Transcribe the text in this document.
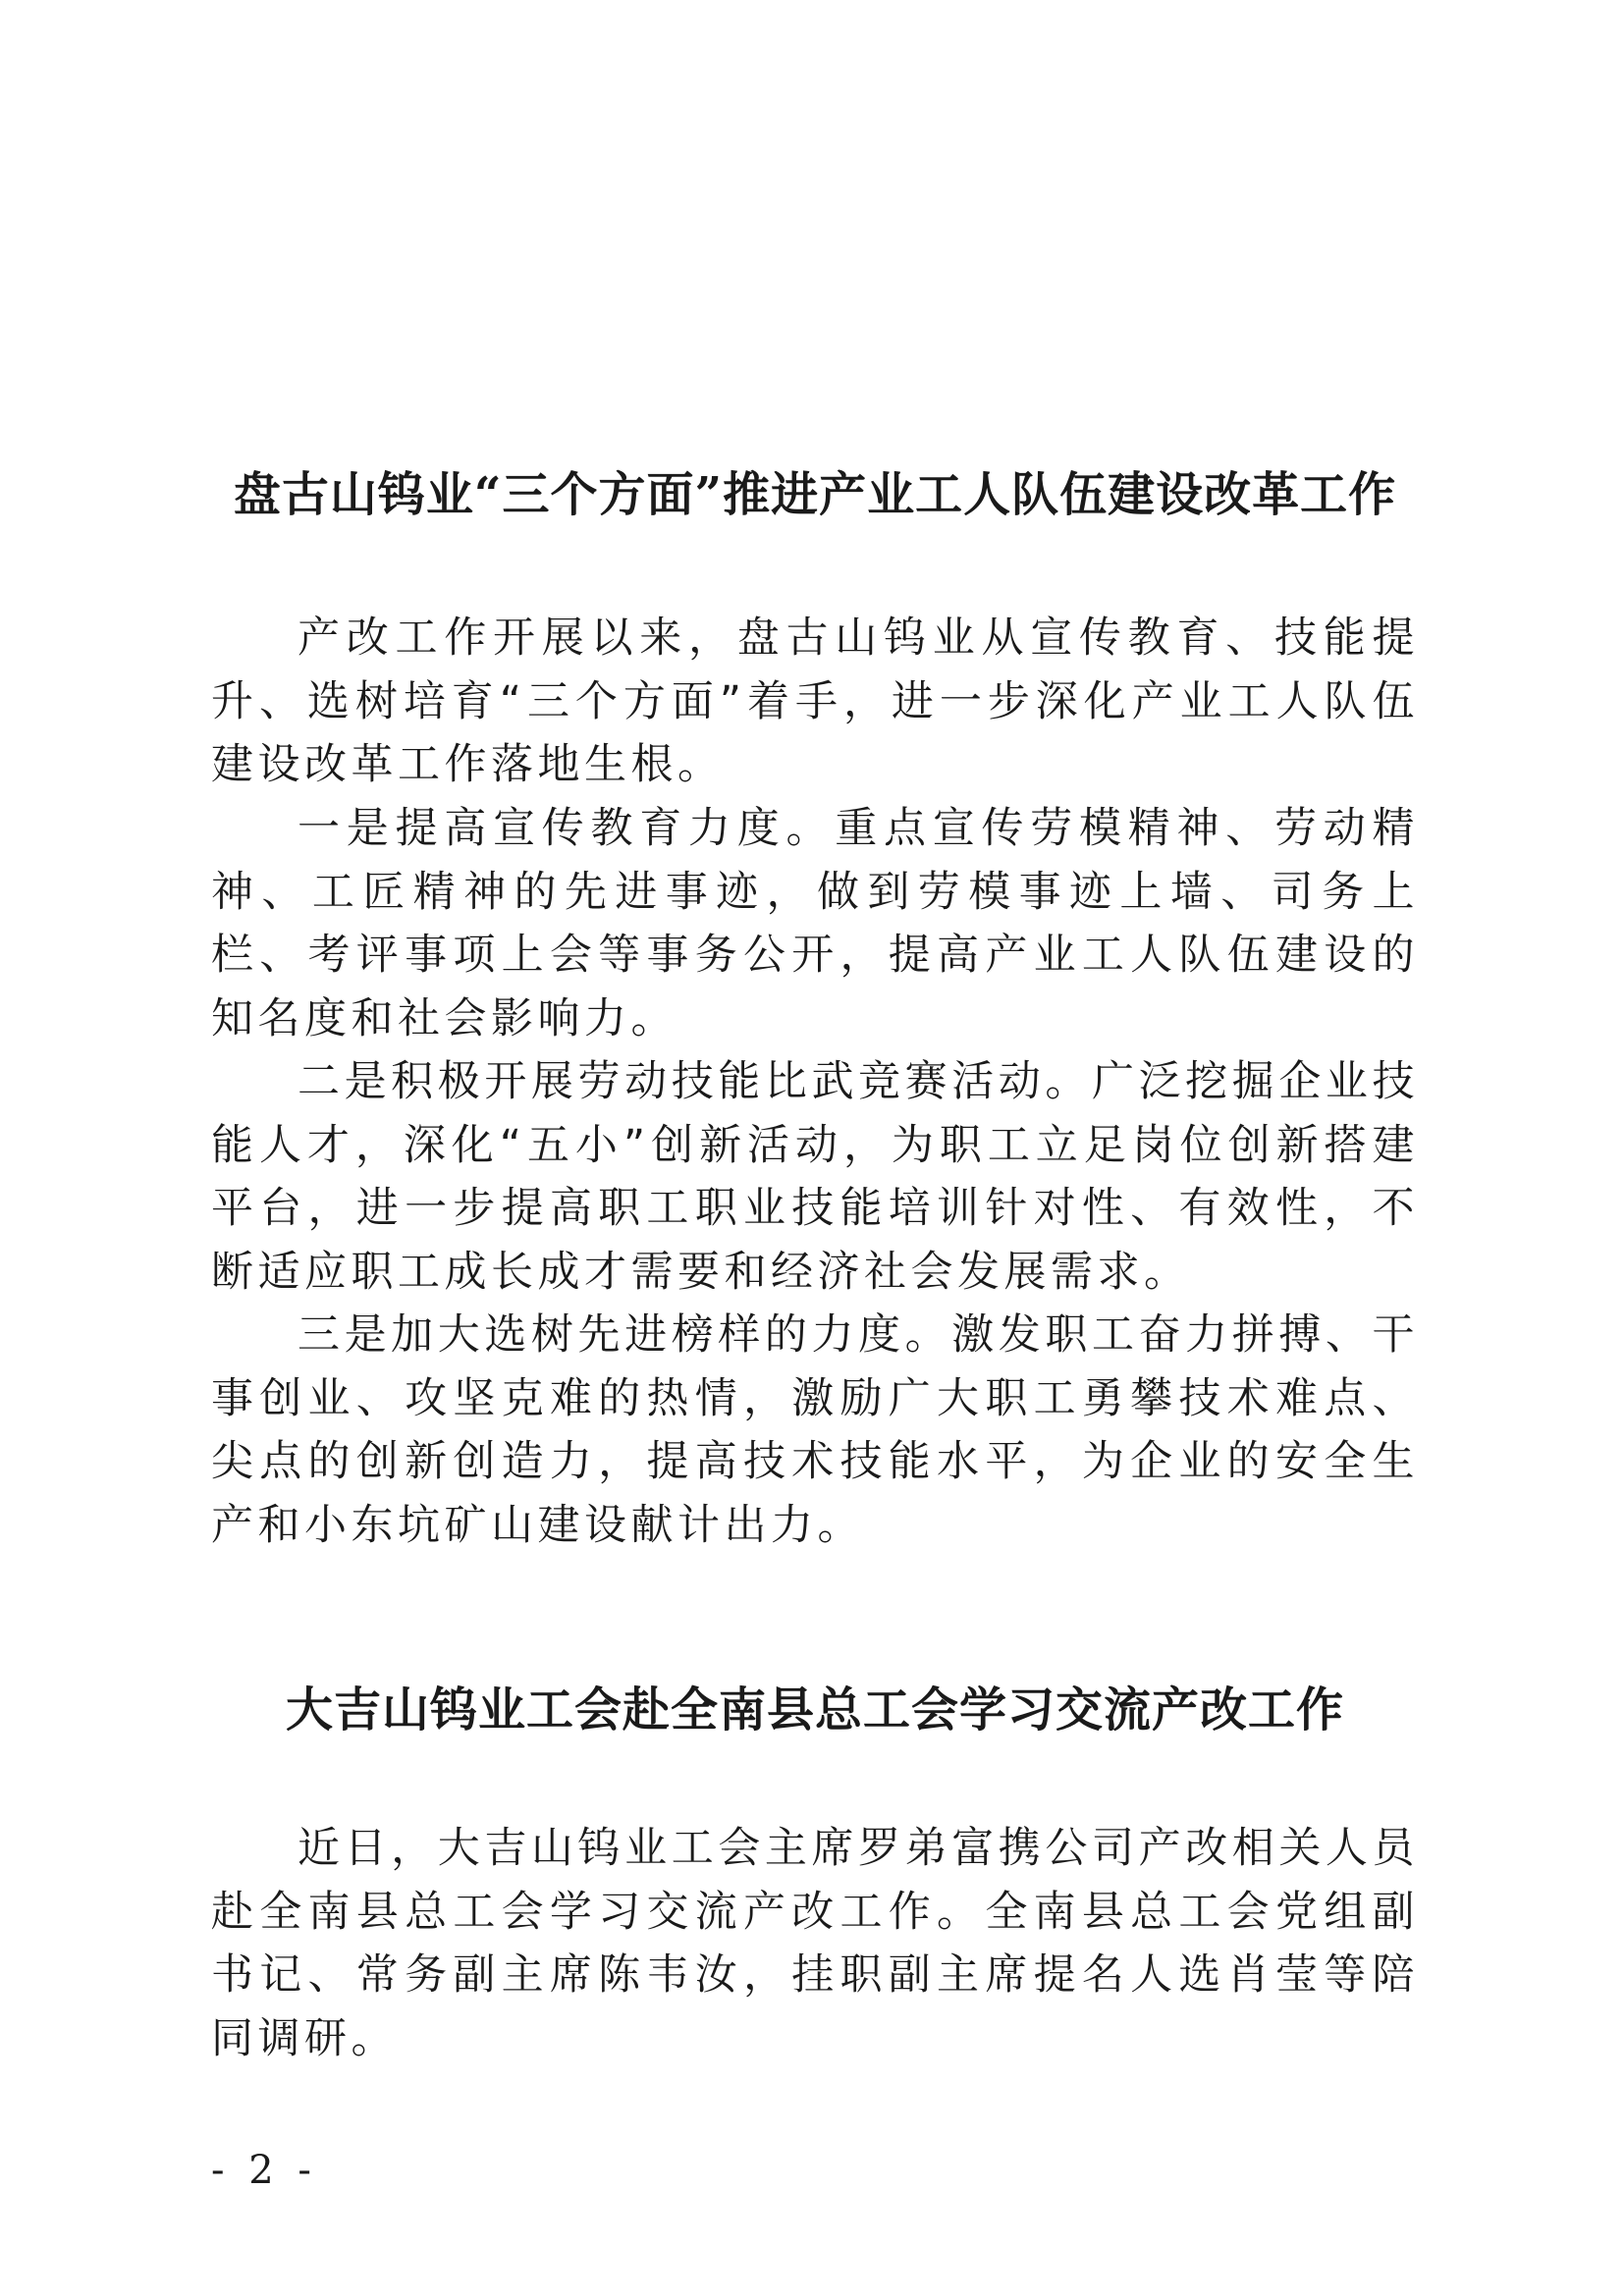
盘古山钨业“三个方面”推进产业工人队伍建设改革工作

产改工作开展以来，盘古山钨业从宣传教育、技能提升、选树培育“三个方面”着手，进一步深化产业工人队伍建设改革工作落地生根。

一是提高宣传教育力度。重点宣传劳模精神、劳动精神、工匠精神的先进事迹，做到劳模事迹上墙、司务上栏、考评事项上会等事务公开，提高产业工人队伍建设的知名度和社会影响力。

二是积极开展劳动技能比武竞赛活动。广泛挖掘企业技能人才，深化“五小”创新活动，为职工立足岗位创新搭建平台，进一步提高职工职业技能培训针对性、有效性，不断适应职工成长成才需要和经济社会发展需求。

三是加大选树先进榜样的力度。激发职工奋力拼搏、干事创业、攻坚克难的热情，激励广大职工勇攀技术难点、尖点的创新创造力，提高技术技能水平，为企业的安全生产和小东坑矿山建设献计出力。

大吉山钨业工会赴全南县总工会学习交流产改工作

近日，大吉山钨业工会主席罗弟富携公司产改相关人员赴全南县总工会学习交流产改工作。全南县总工会党组副书记、常务副主席陈韦汝，挂职副主席提名人选肖莹等陪同调研。

- 2 -
